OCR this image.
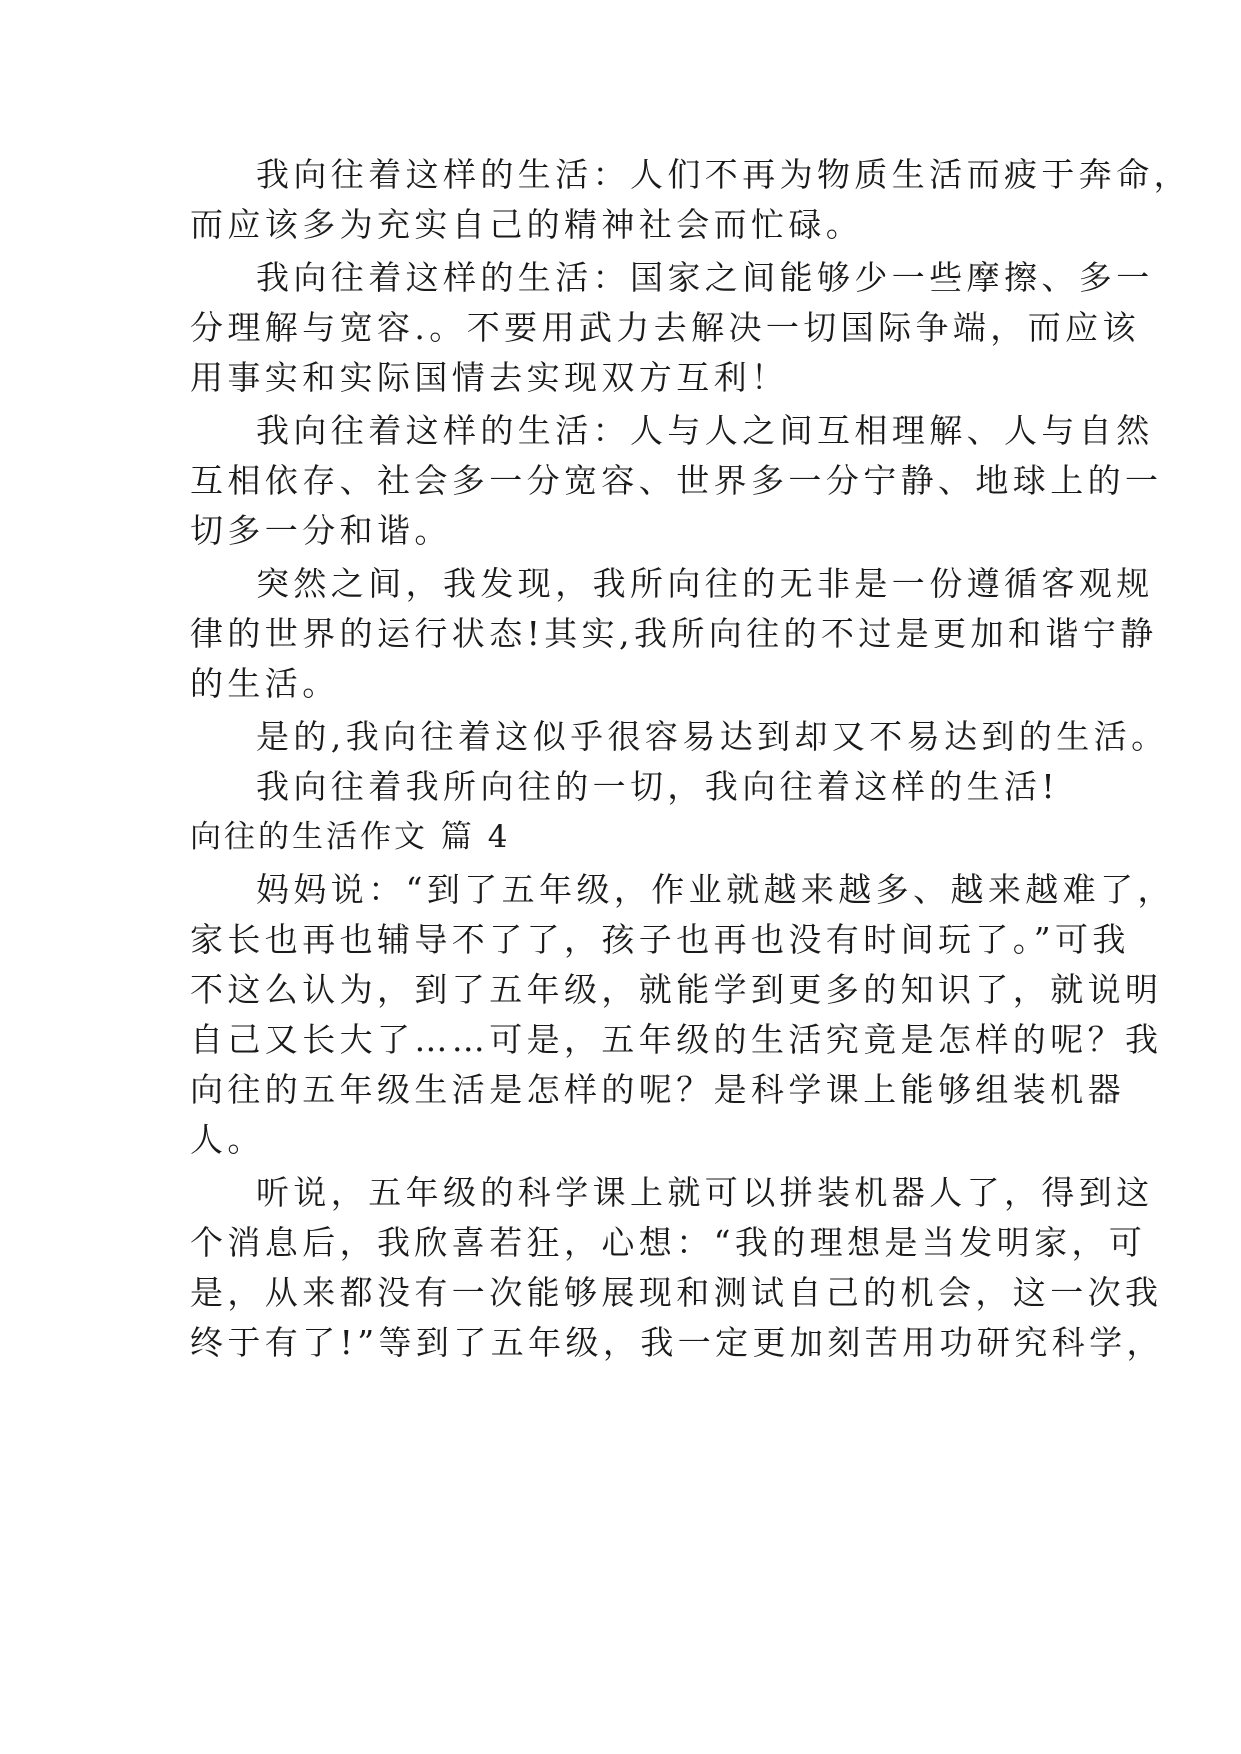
我向往着这样的生活：人们不再为物质生活而疲于奔命，
而应该多为充实自己的精神社会而忙碌。
我向往着这样的生活：国家之间能够少一些摩擦、多一
分理解与宽容.。不要用武力去解决一切国际争端，而应该
用事实和实际国情去实现双方互利！
我向往着这样的生活：人与人之间互相理解、人与自然
互相依存、社会多一分宽容、世界多一分宁静、地球上的一
切多一分和谐。
突然之间，我发现，我所向往的无非是一份遵循客观规
律的世界的运行状态!其实,我所向往的不过是更加和谐宁静
的生活。
是的,我向往着这似乎很容易达到却又不易达到的生活。
我向往着我所向往的一切，我向往着这样的生活!
向往的生活作文 篇 4
妈妈说：“到了五年级，作业就越来越多、越来越难了，
家长也再也辅导不了了，孩子也再也没有时间玩了。”可我
不这么认为，到了五年级，就能学到更多的知识了，就说明
自己又长大了……可是，五年级的生活究竟是怎样的呢？我
向往的五年级生活是怎样的呢？是科学课上能够组装机器
人。
听说，五年级的科学课上就可以拼装机器人了，得到这
个消息后，我欣喜若狂，心想：“我的理想是当发明家，可
是，从来都没有一次能够展现和测试自己的机会，这一次我
终于有了!”等到了五年级，我一定更加刻苦用功研究科学，
